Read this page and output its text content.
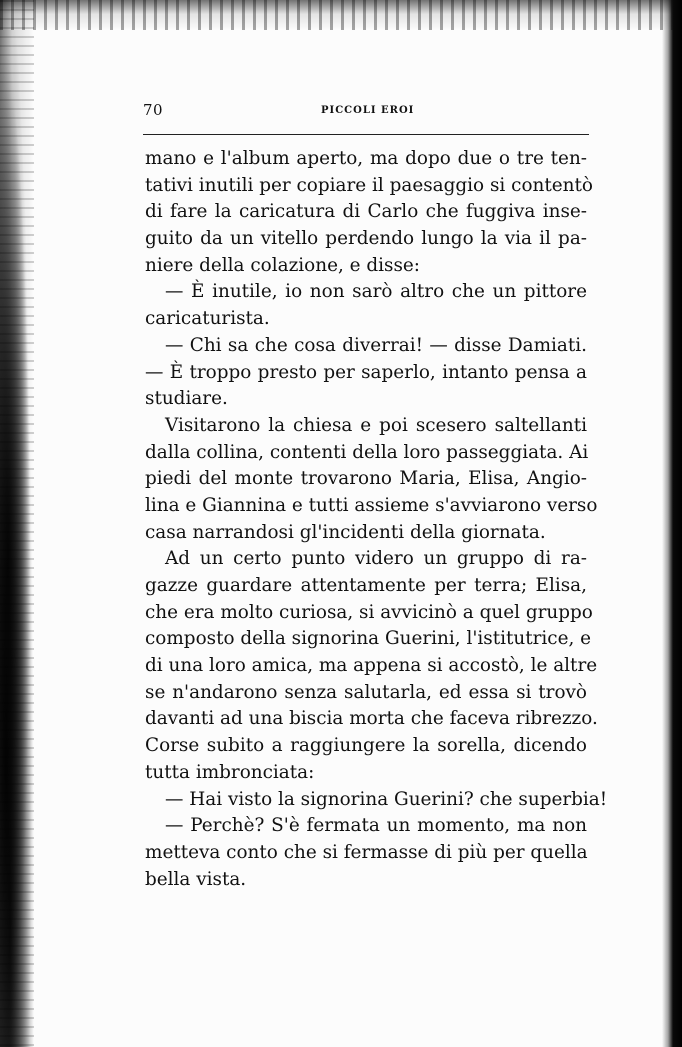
70	PICCOLI EROI
mano e l'album aperto, ma dopo due o tre ten-
tativi inutili per copiare il paesaggio si contentò
di fare la caricatura di Carlo che fuggiva inse-
guito da un vitello perdendo lungo la via il pa-
niere della colazione, e disse:
— È inutile, io non sarò altro che un pittore
caricaturista.
— Chi sa che cosa diverrai! — disse Damiati.
— È troppo presto per saperlo, intanto pensa a
studiare.
Visitarono la chiesa e poi scesero saltellanti
dalla collina, contenti della loro passeggiata. Ai
piedi del monte trovarono Maria, Elisa, Angio-
lina e Giannina e tutti assieme s'avviarono verso
casa narrandosi gl'incidenti della giornata.
Ad un certo punto videro un gruppo di ra-
gazze guardare attentamente per terra; Elisa,
che era molto curiosa, si avvicinò a quel gruppo
composto della signorina Guerini, l'istitutrice, e
di una loro amica, ma appena si accostò, le altre
se n'andarono senza salutarla, ed essa si trovò
davanti ad una biscia morta che faceva ribrezzo.
Corse subito a raggiungere la sorella, dicendo
tutta imbronciata:
— Hai visto la signorina Guerini? che superbia!
— Perchè? S'è fermata un momento, ma non
metteva conto che si fermasse di più per quella
bella vista.
